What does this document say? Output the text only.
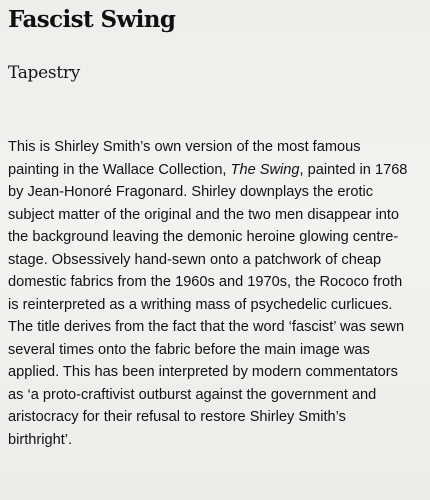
Fascist Swing
Tapestry

This is Shirley Smith’s own version of the most famous
painting in the Wallace Collection, The Swing, painted in 1768
by Jean-Honoré Fragonard. Shirley downplays the erotic
subject matter of the original and the two men disappear into
the background leaving the demonic heroine glowing centre-
stage. Obsessively hand-sewn onto a patchwork of cheap
domestic fabrics from the 1960s and 1970s, the Rococo froth
is reinterpreted as a writhing mass of psychedelic curlicues.
The title derives from the fact that the word ‘fascist’ was sewn
several times onto the fabric before the main image was
applied. This has been interpreted by modern commentators
as ‘a proto-craftivist outburst against the government and
aristocracy for their refusal to restore Shirley Smith’s
birthright’.
